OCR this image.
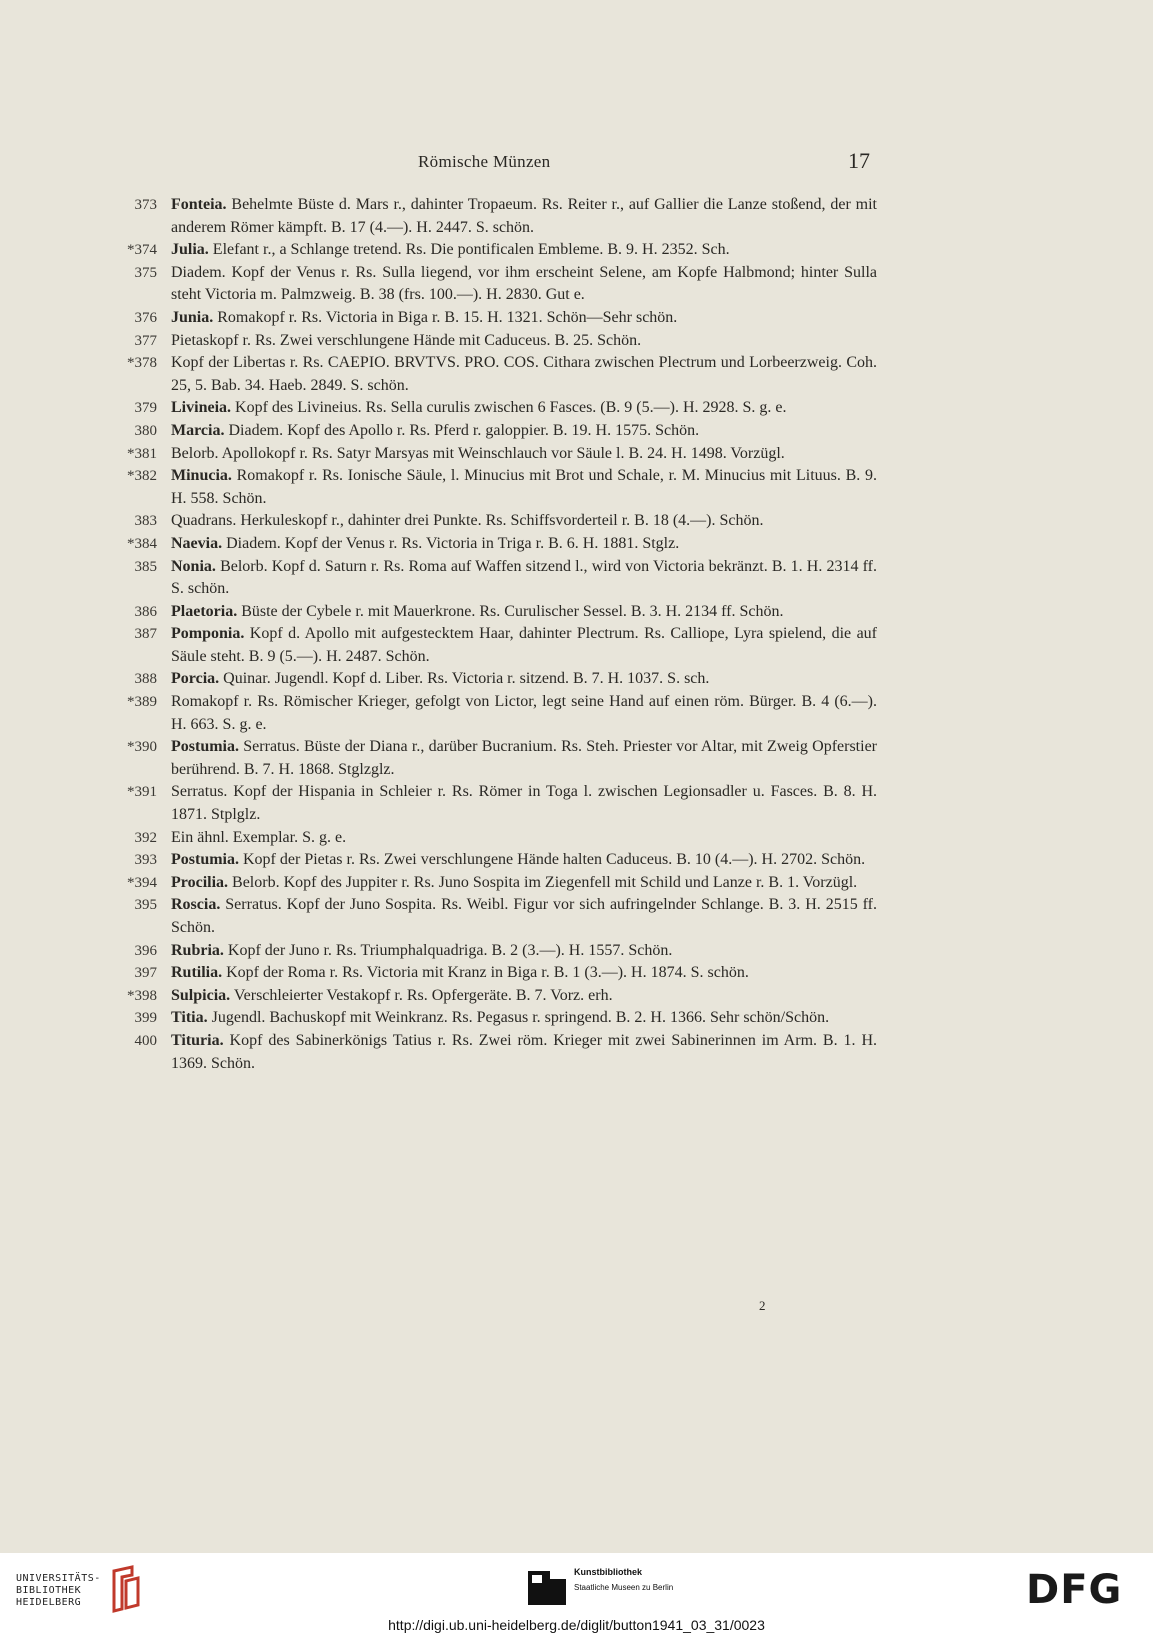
Römische Münzen	17
373 Fonteia. Behelmte Büste d. Mars r., dahinter Tropaeum. Rs. Reiter r., auf Gallier die Lanze stoßend, der mit anderem Römer kämpft. B. 17 (4.—). H. 2447. S. schön.
*374 Julia. Elefant r., a Schlange tretend. Rs. Die pontificalen Embleme. B. 9. H. 2352. Sch.
375 Diadem. Kopf der Venus r. Rs. Sulla liegend, vor ihm erscheint Selene, am Kopfe Halbmond; hinter Sulla steht Victoria m. Palmzweig. B. 38 (frs. 100.—). H. 2830. Gut e.
376 Junia. Romakopf r. Rs. Victoria in Biga r. B. 15. H. 1321. Schön—Sehr schön.
377 Pietaskopf r. Rs. Zwei verschlungene Hände mit Caduceus. B. 25. Schön.
*378 Kopf der Libertas r. Rs. CAEPIO. BRVTVS. PRO. COS. Cithara zwischen Plectrum und Lorbeerzweig. Coh. 25, 5. Bab. 34. Haeb. 2849. S. schön.
379 Livineia. Kopf des Livineius. Rs. Sella curulis zwischen 6 Fasces. (B. 9 (5.—). H. 2928. S. g. e.
380 Marcia. Diadem. Kopf des Apollo r. Rs. Pferd r. galoppier. B. 19. H. 1575. Schön.
*381 Belorb. Apollokopf r. Rs. Satyr Marsyas mit Weinschlauch vor Säule l. B. 24. H. 1498. Vorzügl.
*382 Minucia. Romakopf r. Rs. Ionische Säule, l. Minucius mit Brot und Schale, r. M. Minucius mit Lituus. B. 9. H. 558. Schön.
383 Quadrans. Herkuleskopf r., dahinter drei Punkte. Rs. Schiffsvorderteil r. B. 18 (4.—). Schön.
*384 Naevia. Diadem. Kopf der Venus r. Rs. Victoria in Triga r. B. 6. H. 1881. Stglz.
385 Nonia. Belorb. Kopf d. Saturn r. Rs. Roma auf Waffen sitzend l., wird von Victoria bekränzt. B. 1. H. 2314 ff. S. schön.
386 Plaetoria. Büste der Cybele r. mit Mauerkrone. Rs. Curulischer Sessel. B. 3. H. 2134 ff. Schön.
387 Pomponia. Kopf d. Apollo mit aufgestecktem Haar, dahinter Plectrum. Rs. Calliope, Lyra spielend, die auf Säule steht. B. 9 (5.—). H. 2487. Schön.
388 Porcia. Quinar. Jugendl. Kopf d. Liber. Rs. Victoria r. sitzend. B. 7. H. 1037. S. sch.
*389 Romakopf r. Rs. Römischer Krieger, gefolgt von Lictor, legt seine Hand auf einen röm. Bürger. B. 4 (6.—). H. 663. S. g. e.
*390 Postumia. Serratus. Büste der Diana r., darüber Bucranium. Rs. Steh. Priester vor Altar, mit Zweig Opferstier berührend. B. 7. H. 1868. Stglzglz.
*391 Serratus. Kopf der Hispania in Schleier r. Rs. Römer in Toga l. zwischen Legionsadler u. Fasces. B. 8. H. 1871. Stplglz.
392 Ein ähnl. Exemplar. S. g. e.
393 Postumia. Kopf der Pietas r. Rs. Zwei verschlungene Hände halten Caduceus. B. 10 (4.—). H. 2702. Schön.
*394 Procilia. Belorb. Kopf des Juppiter r. Rs. Juno Sospita im Ziegenfell mit Schild und Lanze r. B. 1. Vorzügl.
395 Roscia. Serratus. Kopf der Juno Sospita. Rs. Weibl. Figur vor sich aufringelnder Schlange. B. 3. H. 2515 ff. Schön.
396 Rubria. Kopf der Juno r. Rs. Triumphalquadriga. B. 2 (3.—). H. 1557. Schön.
397 Rutilia. Kopf der Roma r. Rs. Victoria mit Kranz in Biga r. B. 1 (3.—). H. 1874. S. schön.
*398 Sulpicia. Verschleierter Vestakopf r. Rs. Opfergeräte. B. 7. Vorz. erh.
399 Titia. Jugendl. Bachuskopf mit Weinkranz. Rs. Pegasus r. springend. B. 2. H. 1366. Sehr schön/Schön.
400 Tituria. Kopf des Sabinerkönigs Tatius r. Rs. Zwei röm. Krieger mit zwei Sabinerinnen im Arm. B. 1. H. 1369. Schön.
2
UNIVERSITÄTS-
BIBLIOTHEK
HEIDELBERG
Kunstbibliothek
Staatliche Museen zu Berlin	DFG
http://digi.ub.uni-heidelberg.de/diglit/button1941_03_31/0023
